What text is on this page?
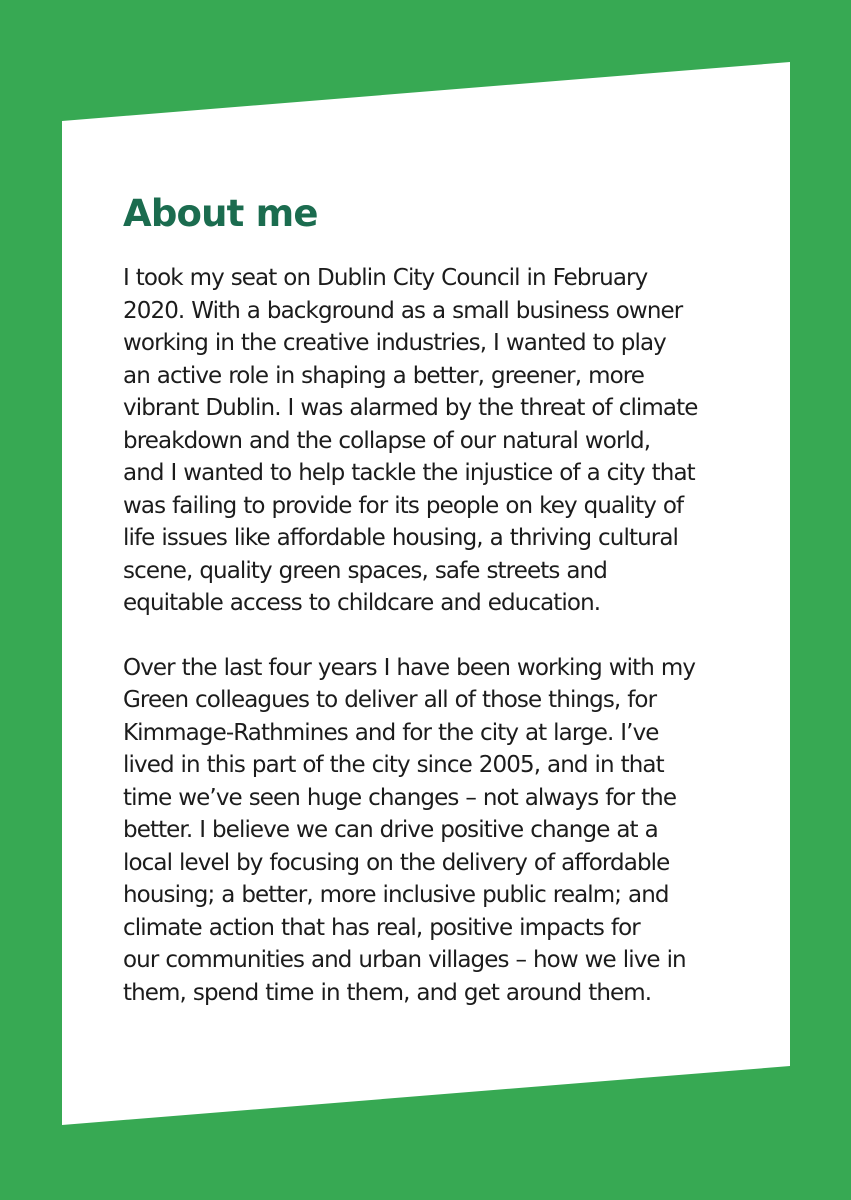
About me

I took my seat on Dublin City Council in February
2020. With a background as a small business owner
working in the creative industries, I wanted to play
an active role in shaping a better, greener, more
vibrant Dublin. I was alarmed by the threat of climate
breakdown and the collapse of our natural world,
and I wanted to help tackle the injustice of a city that
was failing to provide for its people on key quality of
life issues like affordable housing, a thriving cultural
scene, quality green spaces, safe streets and
equitable access to childcare and education.

Over the last four years I have been working with my
Green colleagues to deliver all of those things, for
Kimmage-Rathmines and for the city at large. I’ve
lived in this part of the city since 2005, and in that
time we’ve seen huge changes – not always for the
better. I believe we can drive positive change at a
local level by focusing on the delivery of affordable
housing; a better, more inclusive public realm; and
climate action that has real, positive impacts for
our communities and urban villages – how we live in
them, spend time in them, and get around them.
